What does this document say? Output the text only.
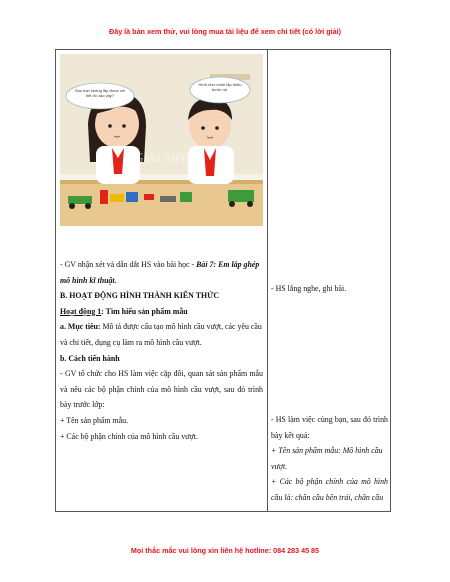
Đây là bản xem thử, vui lòng mua tài liệu để xem chi tiết (có lời giải)
Sao bạn không lắp được chi tiết đó vào vậy?
Hình như mình lắp thiếu bước rồi.
Giáo viên

- GV nhận xét và dẫn dắt HS vào bài học - Bài 7: Em lắp ghép mô hình kĩ thuật.

B. HOẠT ĐỘNG HÌNH THÀNH KIẾN THỨC

Hoạt động 1: Tìm hiểu sản phẩm mẫu

a. Mục tiêu: Mô tả được cấu tạo mô hình cầu vượt, các yêu cầu và chi tiết, dụng cụ làm ra mô hình cầu vượt.

b. Cách tiến hành

- GV tổ chức cho HS làm việc cặp đôi, quan sát sản phẩm mẫu và nêu các bộ phận chính của mô hình cầu vượt, sau đó trình bày trước lớp:

+ Tên sản phẩm mẫu.

+ Các bộ phận chính của mô hình cầu vượt.

- HS lắng nghe, ghi bài.

- HS làm việc cùng bạn, sau đó trình bày kết quả:

+ Tên sản phẩm mẫu: Mô hình cầu vượt.

+ Các bộ phận chính của mô hình cầu là: chân cầu bên trái, chân cầu

Mọi thắc mắc vui lòng xin liên hệ hotline: 084 283 45 85
